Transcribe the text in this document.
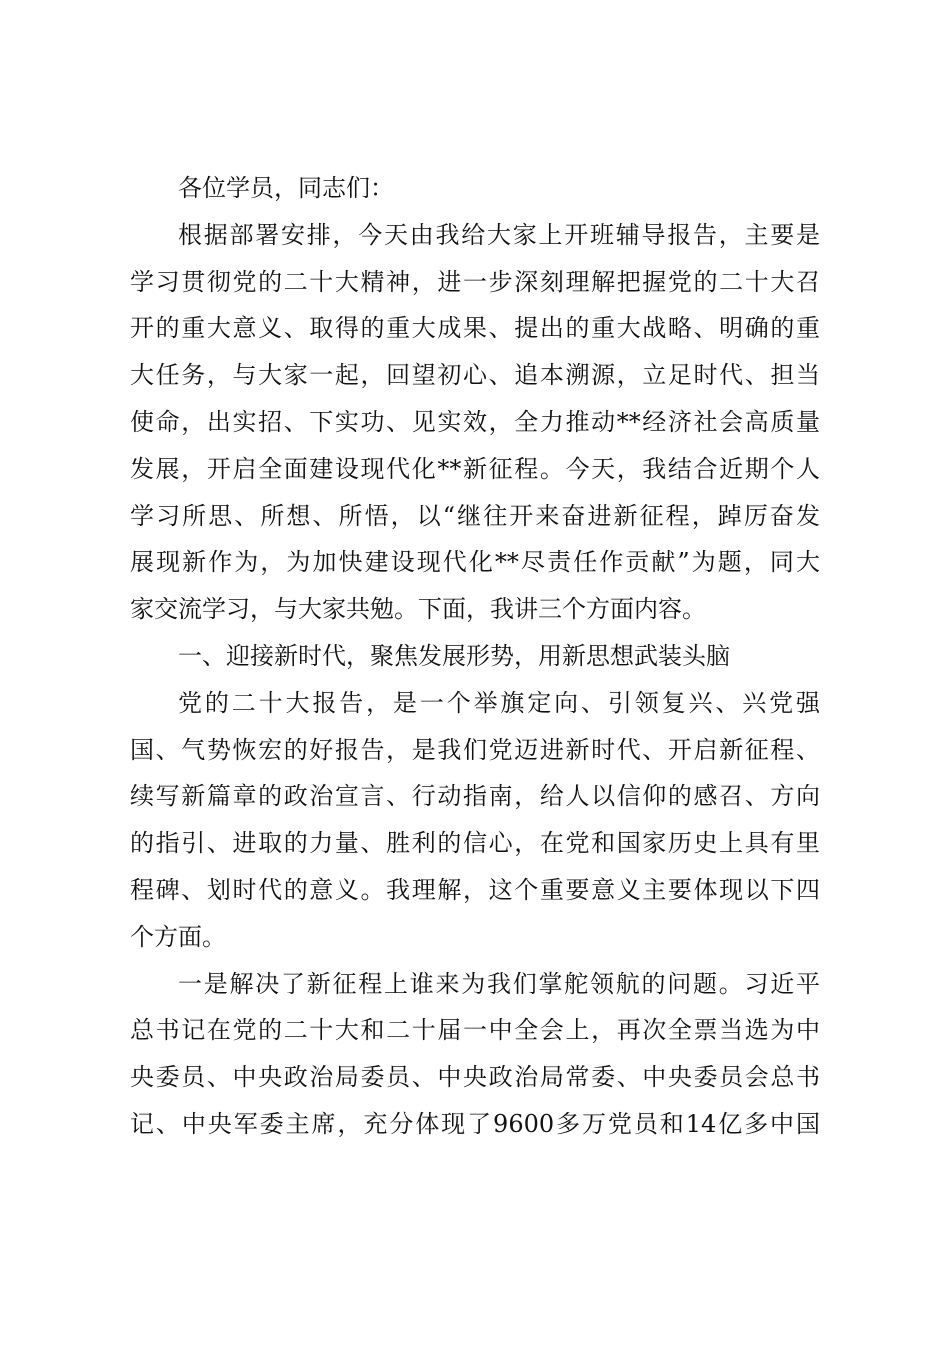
各位学员，同志们：
根据部署安排，今天由我给大家上开班辅导报告，主要是
学习贯彻党的二十大精神，进一步深刻理解把握党的二十大召
开的重大意义、取得的重大成果、提出的重大战略、明确的重
大任务，与大家一起，回望初心、追本溯源，立足时代、担当
使命，出实招、下实功、见实效，全力推动**经济社会高质量
发展，开启全面建设现代化**新征程。今天，我结合近期个人
学习所思、所想、所悟，以“继往开来奋进新征程，踔厉奋发
展现新作为，为加快建设现代化**尽责任作贡献”为题，同大
家交流学习，与大家共勉。下面，我讲三个方面内容。
一、迎接新时代，聚焦发展形势，用新思想武装头脑
党的二十大报告，是一个举旗定向、引领复兴、兴党强
国、气势恢宏的好报告，是我们党迈进新时代、开启新征程、
续写新篇章的政治宣言、行动指南，给人以信仰的感召、方向
的指引、进取的力量、胜利的信心，在党和国家历史上具有里
程碑、划时代的意义。我理解，这个重要意义主要体现以下四
个方面。
一是解决了新征程上谁来为我们掌舵领航的问题。习近平
总书记在党的二十大和二十届一中全会上，再次全票当选为中
央委员、中央政治局委员、中央政治局常委、中央委员会总书
记、中央军委主席，充分体现了9600多万党员和14亿多中国
